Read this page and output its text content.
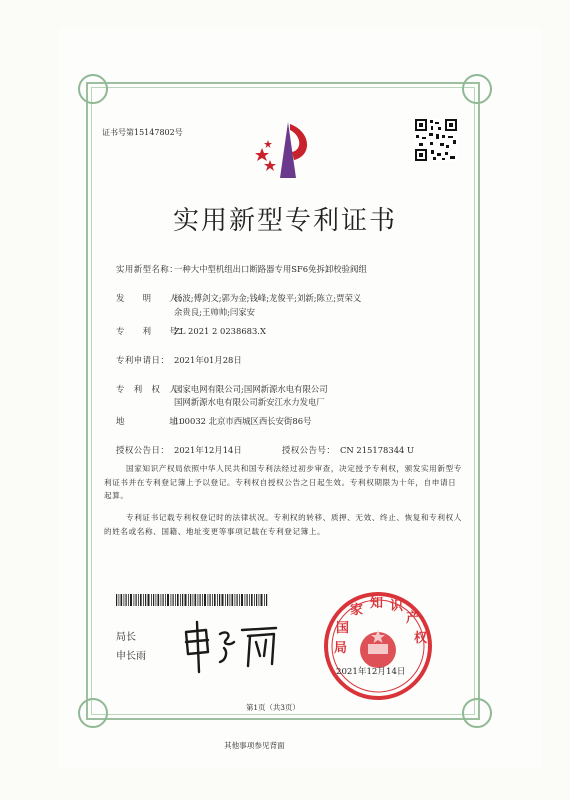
证书号第15147802号
实用新型专利证书
实用新型名称：
一种大中型机组出口断路器专用SF6免拆卸校验阀组
发　　明　　人：
杨波;傅剑文;郭为金;钱峰;龙俊平;刘新;陈立;贾荣义
余贵良;王帅帅;闫家安
专　　利　　号：
ZL 2021 2 0238683.X
专利申请日： 2021年01月28日
专　利　权　人：
国家电网有限公司;国网新源水电有限公司
国网新源水电有限公司新安江水力发电厂
地　　　　　址：
100032 北京市西城区西长安街86号
授权公告日： 2021年12月14日	授权公告号： CN 215178344 U
国家知识产权局依照中华人民共和国专利法经过初步审查，决定授予专利权，颁发实用新型专利证书并在专利登记簿上予以登记。专利权自授权公告之日起生效。专利权期限为十年，自申请日起算。
专利证书记载专利权登记时的法律状况。专利权的转移、质押、无效、终止、恢复和专利权人的姓名或名称、国籍、地址变更等事项记载在专利登记簿上。
局长
申长雨
国
家 知 识
产
权
局
2021年12月14日
第1页（共3页）
其他事项参见背面
